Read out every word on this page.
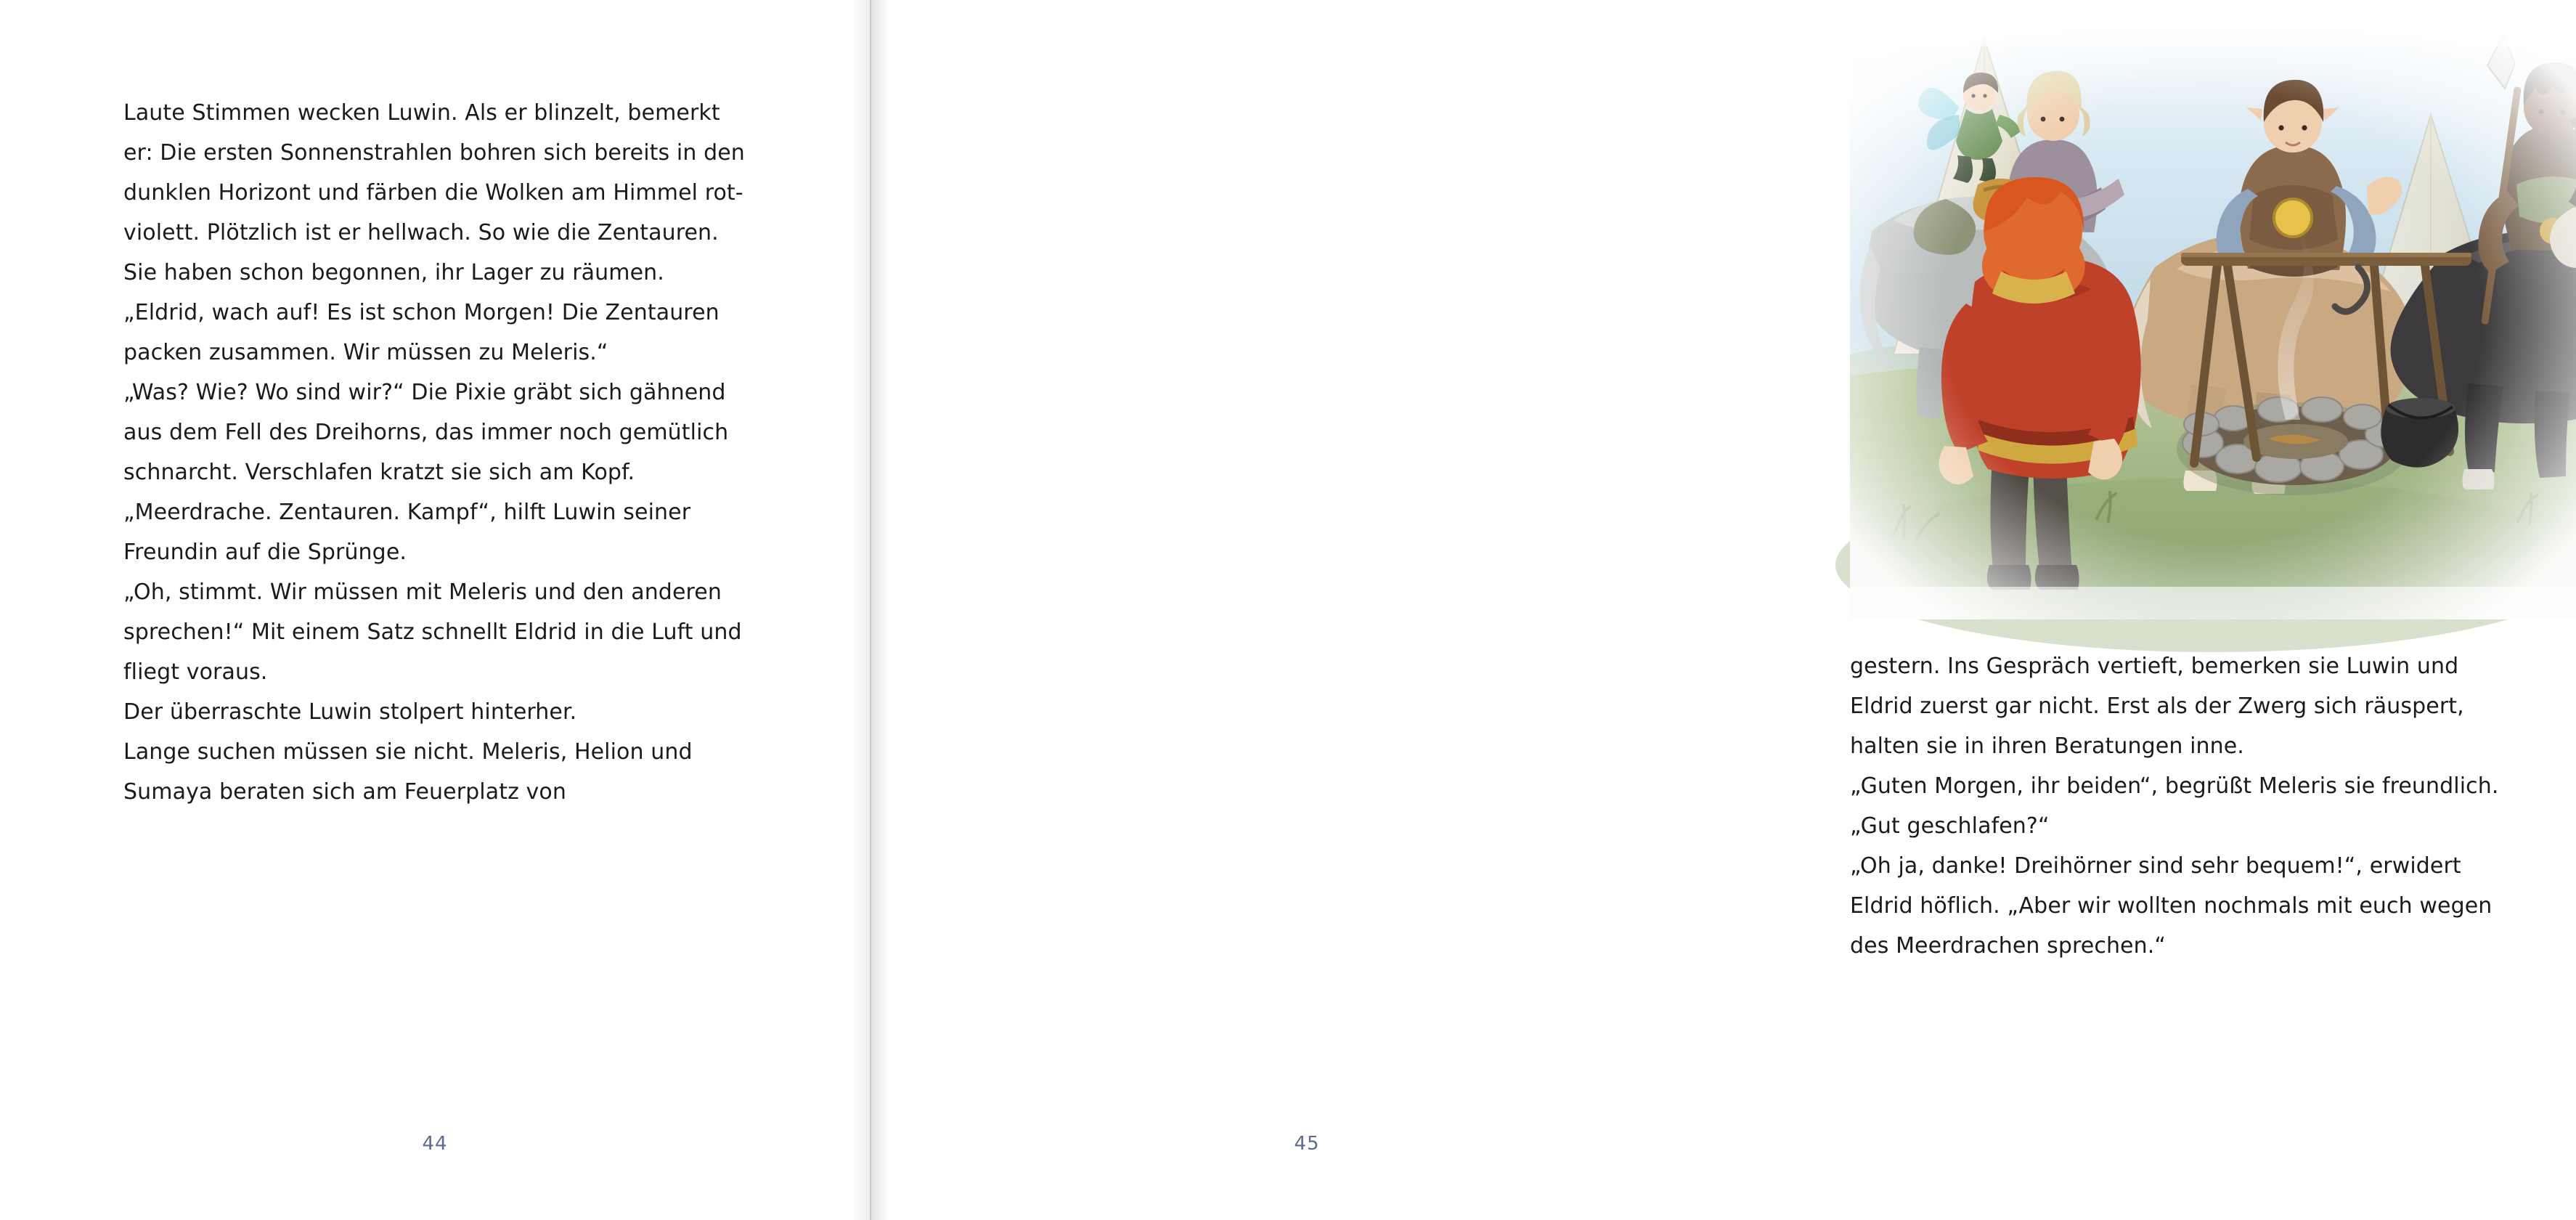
Laute Stimmen wecken Luwin. Als er blinzelt, bemerkt er: Die ersten Sonnenstrahlen bohren sich bereits in den dunklen Horizont und färben die Wolken am Himmel rot-violett. Plötzlich ist er hellwach. So wie die Zentauren. Sie haben schon begonnen, ihr Lager zu räumen.

„Eldrid, wach auf! Es ist schon Morgen! Die Zentauren packen zusammen. Wir müssen zu Meleris.“

„Was? Wie? Wo sind wir?“ Die Pixie gräbt sich gähnend aus dem Fell des Dreihorns, das immer noch gemütlich schnarcht. Verschlafen kratzt sie sich am Kopf.

„Meerdrache. Zentauren. Kampf“, hilft Luwin seiner Freundin auf die Sprünge.

„Oh, stimmt. Wir müssen mit Meleris und den anderen sprechen!“ Mit einem Satz schnellt Eldrid in die Luft und fliegt voraus.

Der überraschte Luwin stolpert hinterher.

Lange suchen müssen sie nicht. Meleris, Helion und Sumaya beraten sich am Feuerplatz von

44

gestern. Ins Gespräch vertieft, bemerken sie Luwin und Eldrid zuerst gar nicht. Erst als der Zwerg sich räuspert, halten sie in ihren Beratungen inne.

„Guten Morgen, ihr beiden“, begrüßt Meleris sie freundlich. „Gut geschlafen?“

„Oh ja, danke! Dreihörner sind sehr bequem!“, erwidert Eldrid höflich. „Aber wir wollten nochmals mit euch wegen des Meerdrachen sprechen.“

45
